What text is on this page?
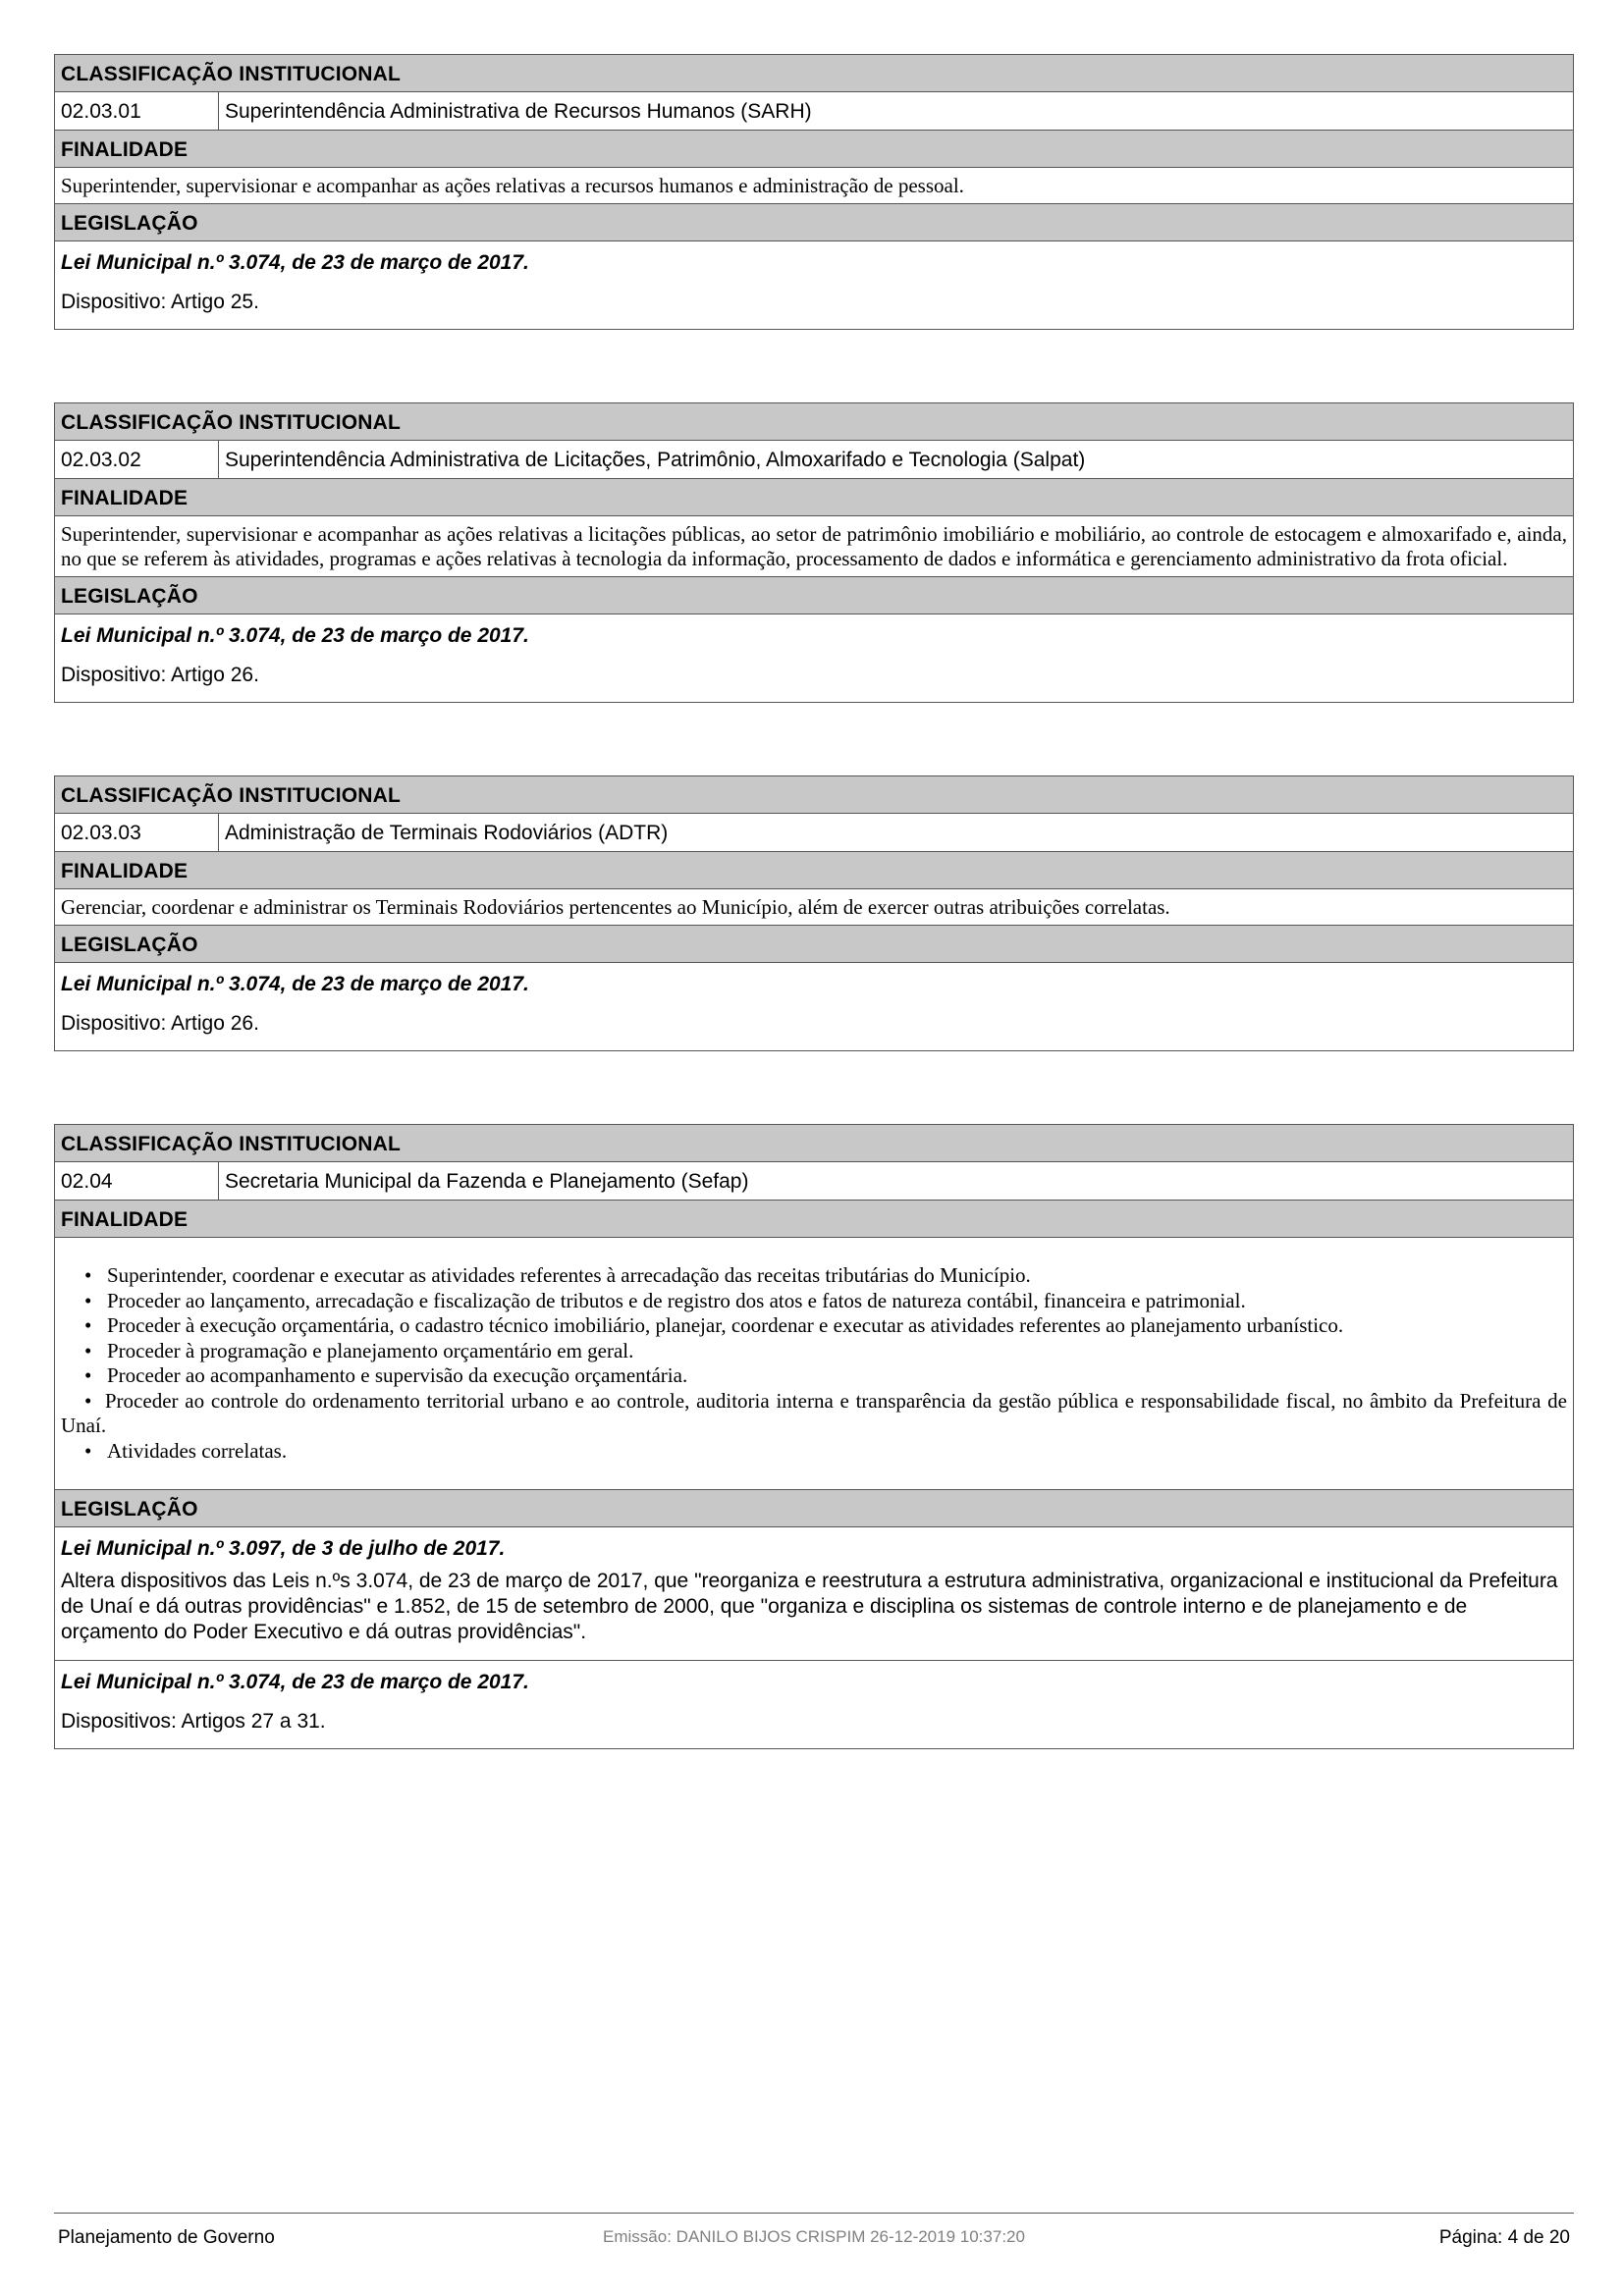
CLASSIFICAÇÃO INSTITUCIONAL
02.03.01	Superintendência Administrativa de Recursos Humanos (SARH)
FINALIDADE
Superintender, supervisionar e acompanhar as ações relativas a recursos humanos e administração de pessoal.
LEGISLAÇÃO
Lei Municipal n.º 3.074, de 23 de março de 2017.
Dispositivo: Artigo 25.
CLASSIFICAÇÃO INSTITUCIONAL
02.03.02	Superintendência Administrativa de Licitações, Patrimônio, Almoxarifado e Tecnologia (Salpat)
FINALIDADE
Superintender, supervisionar e acompanhar as ações relativas a licitações públicas, ao setor de patrimônio imobiliário e mobiliário, ao controle de estocagem e almoxarifado e, ainda, no que se referem às atividades, programas e ações relativas à tecnologia da informação, processamento de dados e informática e gerenciamento administrativo da frota oficial.
LEGISLAÇÃO
Lei Municipal n.º 3.074, de 23 de março de 2017.
Dispositivo: Artigo 26.
CLASSIFICAÇÃO INSTITUCIONAL
02.03.03	Administração de Terminais Rodoviários (ADTR)
FINALIDADE
Gerenciar, coordenar e administrar os Terminais Rodoviários pertencentes ao Município, além de exercer outras atribuições correlatas.
LEGISLAÇÃO
Lei Municipal n.º 3.074, de 23 de março de 2017.
Dispositivo: Artigo 26.
CLASSIFICAÇÃO INSTITUCIONAL
02.04	Secretaria Municipal da Fazenda e Planejamento (Sefap)
FINALIDADE
• Superintender, coordenar e executar as atividades referentes à arrecadação das receitas tributárias do Município.
• Proceder ao lançamento, arrecadação e fiscalização de tributos e de registro dos atos e fatos de natureza contábil, financeira e patrimonial.
• Proceder à execução orçamentária, o cadastro técnico imobiliário, planejar, coordenar e executar as atividades referentes ao planejamento urbanístico.
• Proceder à programação e planejamento orçamentário em geral.
• Proceder ao acompanhamento e supervisão da execução orçamentária.
• Proceder ao controle do ordenamento territorial urbano e ao controle, auditoria interna e transparência da gestão pública e responsabilidade fiscal, no âmbito da Prefeitura de Unaí.
• Atividades correlatas.
LEGISLAÇÃO
Lei Municipal n.º 3.097, de 3 de julho de 2017.
Altera dispositivos das Leis n.ºs 3.074, de 23 de março de 2017, que "reorganiza e reestrutura a estrutura administrativa, organizacional e institucional da Prefeitura de Unaí e dá outras providências" e 1.852, de 15 de setembro de 2000, que "organiza e disciplina os sistemas de controle interno e de planejamento e de orçamento do Poder Executivo e dá outras providências".
Lei Municipal n.º 3.074, de 23 de março de 2017.
Dispositivos: Artigos 27 a 31.
Planejamento de Governo	Emissão: DANILO BIJOS CRISPIM 26-12-2019 10:37:20	Página: 4 de 20
